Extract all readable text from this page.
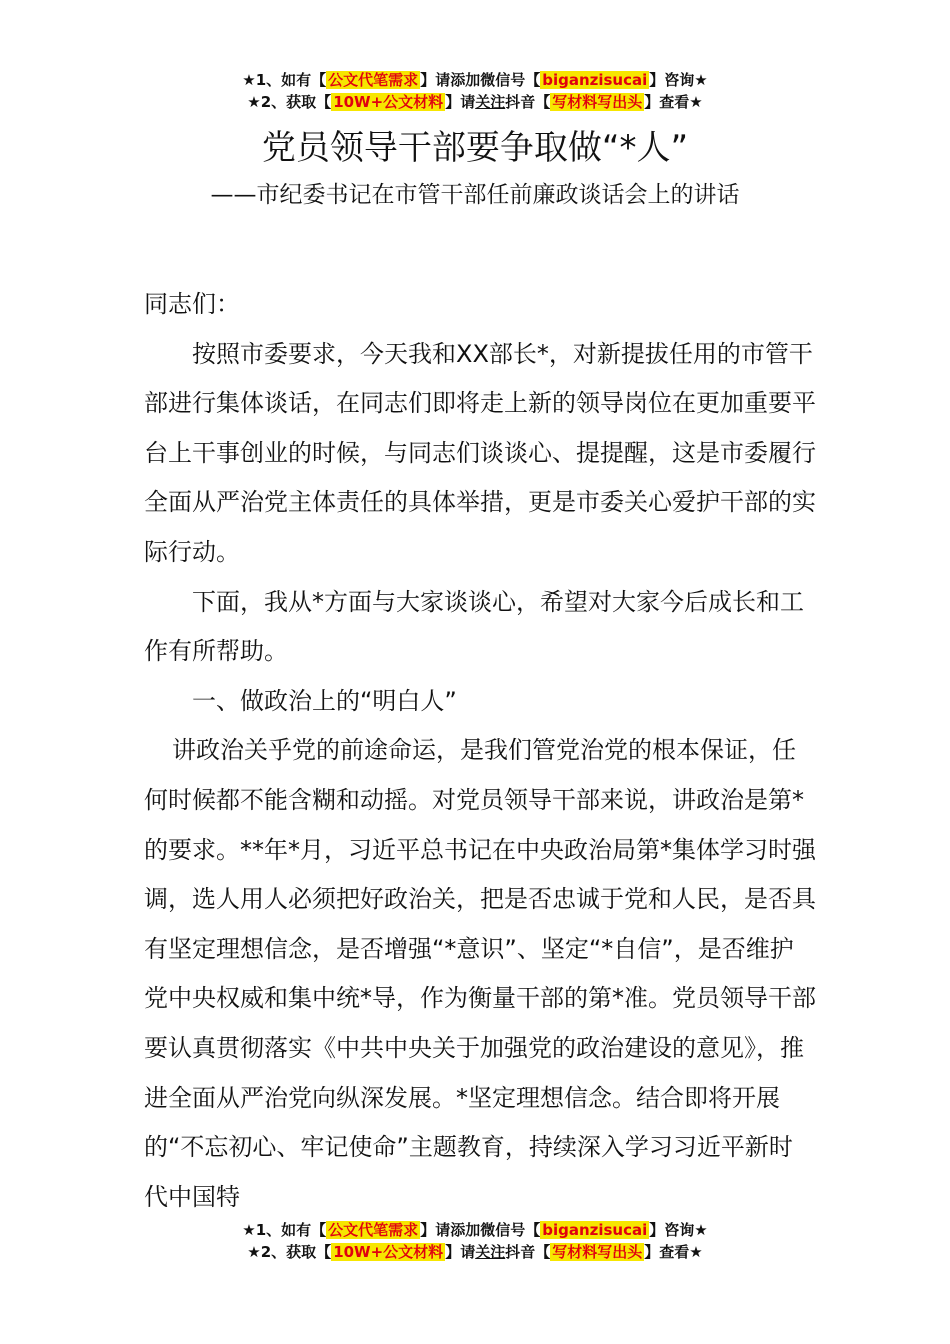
★1、如有【 公文代笔需求 】请添加微信号【 biganzisucai 】咨询★
★2、获取【 10W+公文材料 】请关注抖音【 写材料写出头 】查看★
党员领导干部要争取做“*人”
——市纪委书记在市管干部任前廉政谈话会上的讲话

同志们：

按照市委要求，今天我和XX部长*，对新提拔任用的市管干部进行集体谈话，在同志们即将走上新的领导岗位在更加重要平台上干事创业的时候，与同志们谈谈心、提提醒，这是市委履行全面从严治党主体责任的具体举措，更是市委关心爱护干部的实际行动。

下面，我从*方面与大家谈谈心，希望对大家今后成长和工作有所帮助。

一、做政治上的“明白人”

讲政治关乎党的前途命运，是我们管党治党的根本保证，任何时候都不能含糊和动摇。对党员领导干部来说，讲政治是第*的要求。**年*月，习近平总书记在中央政治局第*集体学习时强调，选人用人必须把好政治关，把是否忠诚于党和人民，是否具有坚定理想信念，是否增强“*意识”、坚定“*自信”，是否维护党中央权威和集中统*导，作为衡量干部的第*准。党员领导干部要认真贯彻落实《中共中央关于加强党的政治建设的意见》，推进全面从严治党向纵深发展。*坚定理想信念。结合即将开展的“不忘初心、牢记使命”主题教育，持续深入学习习近平新时代中国特

★1、如有【 公文代笔需求 】请添加微信号【 biganzisucai 】咨询★
★2、获取【 10W+公文材料 】请关注抖音【 写材料写出头 】查看★
